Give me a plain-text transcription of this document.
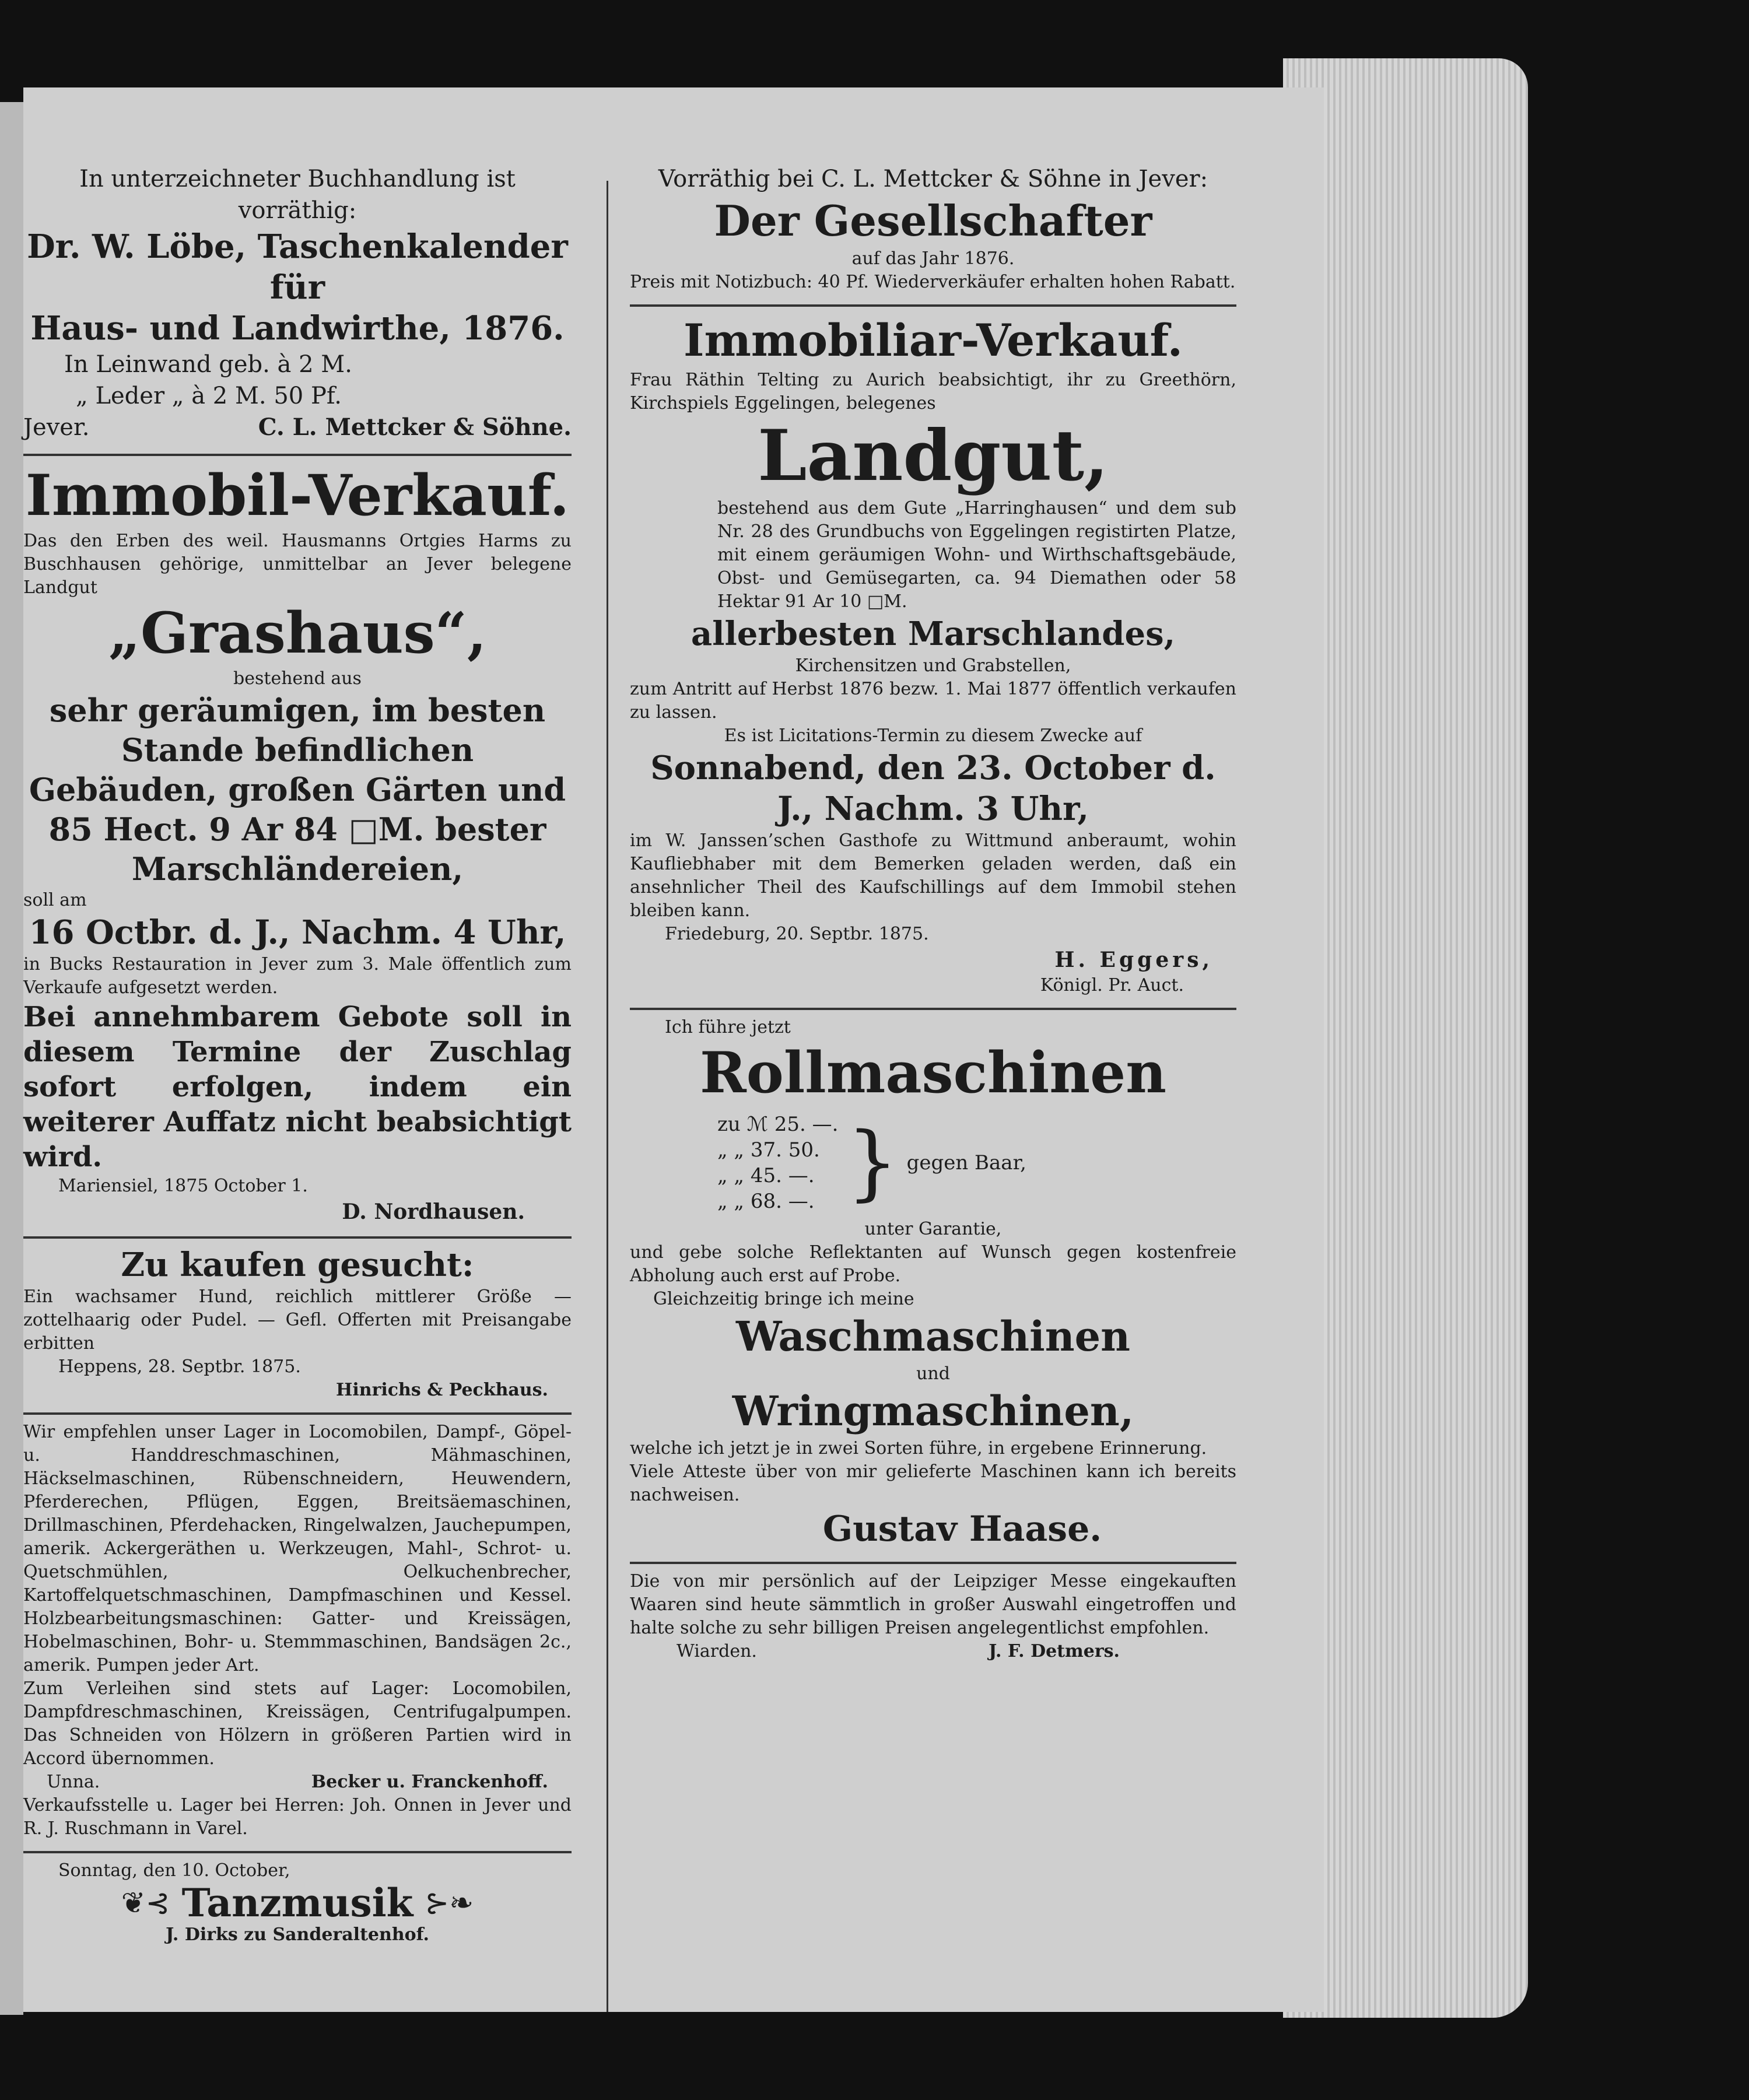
In unterzeichneter Buchhandlung ist vorräthig:

Dr. W. Löbe, Taschenkalender für

Haus- und Landwirthe, 1876.

In Leinwand geb. à 2 M.

„ Leder „ à 2 M. 50 Pf.

Jever.	C. L. Mettcker & Söhne.

Immobil-Verkauf.

Das den Erben des weil. Hausmanns Ortgies Harms zu Buschhausen gehörige, unmittelbar an Jever belegene Landgut

„Grashaus“,

bestehend aus

sehr geräumigen, im besten Stande befindlichen Gebäuden, großen Gärten und 85 Hect. 9 Ar 84 □M. bester Marschländereien,

soll am

16 Octbr. d. J., Nachm. 4 Uhr,

in Bucks Restauration in Jever zum 3. Male öffentlich zum Verkaufe aufgesetzt werden.

Bei annehmbarem Gebote soll in diesem Termine der Zuschlag sofort erfolgen, indem ein weiterer Auffatz nicht beabsichtigt wird.

Mariensiel, 1875 October 1.

D. Nordhausen.

Zu kaufen gesucht:

Ein wachsamer Hund, reichlich mittlerer Größe — zottelhaarig oder Pudel. — Gefl. Offerten mit Preisangabe erbitten

Heppens, 28. Septbr. 1875.

Hinrichs & Peckhaus.

Wir empfehlen unser Lager in Locomobilen, Dampf-, Göpel- u. Handdreschmaschinen, Mähmaschinen, Häckselmaschinen, Rübenschneidern, Heuwendern, Pferderechen, Pflügen, Eggen, Breitsäemaschinen, Drillmaschinen, Pferdehacken, Ringelwalzen, Jauchepumpen, amerik. Ackergeräthen u. Werkzeugen, Mahl-, Schrot- u. Quetschmühlen, Oelkuchenbrecher, Kartoffelquetschmaschinen, Dampfmaschinen und Kessel. Holzbearbeitungsmaschinen: Gatter- und Kreissägen, Hobelmaschinen, Bohr- u. Stemmmaschinen, Bandsägen 2c., amerik. Pumpen jeder Art.

Zum Verleihen sind stets auf Lager: Locomobilen, Dampfdreschmaschinen, Kreissägen, Centrifugalpumpen. Das Schneiden von Hölzern in größeren Partien wird in Accord übernommen.

Unna.	Becker u. Franckenhoff.

Verkaufsstelle u. Lager bei Herren: Joh. Onnen in Jever und R. J. Ruschmann in Varel.

Sonntag, den 10. October,

❦⊰ Tanzmusik ⊱❧

J. Dirks zu Sanderaltenhof.

Vorräthig bei C. L. Mettcker & Söhne in Jever:

Der Gesellschafter

auf das Jahr 1876.

Preis mit Notizbuch: 40 Pf. Wiederverkäufer erhalten hohen Rabatt.

Immobiliar-Verkauf.

Frau Räthin Telting zu Aurich beabsichtigt, ihr zu Greethörn, Kirchspiels Eggelingen, belegenes

Landgut,

bestehend aus dem Gute „Harringhausen“ und dem sub Nr. 28 des Grundbuchs von Eggelingen registirten Platze, mit einem geräumigen Wohn- und Wirthschaftsgebäude, Obst- und Gemüsegarten, ca. 94 Diemathen oder 58 Hektar 91 Ar 10 □M.

allerbesten Marschlandes,

Kirchensitzen und Grabstellen,

zum Antritt auf Herbst 1876 bezw. 1. Mai 1877 öffentlich verkaufen zu lassen.

Es ist Licitations-Termin zu diesem Zwecke auf

Sonnabend, den 23. October d. J., Nachm. 3 Uhr,

im W. Janssen’schen Gasthofe zu Wittmund anberaumt, wohin Kaufliebhaber mit dem Bemerken geladen werden, daß ein ansehnlicher Theil des Kaufschillings auf dem Immobil stehen bleiben kann.

Friedeburg, 20. Septbr. 1875.

H. Eggers,

Königl. Pr. Auct.

Ich führe jetzt

Rollmaschinen

zu ℳ 25. —.

„ „ 37. 50.

„ „ 45. —.

„ „ 68. —. } gegen Baar,

unter Garantie,

und gebe solche Reflektanten auf Wunsch gegen kostenfreie Abholung auch erst auf Probe.

Gleichzeitig bringe ich meine

Waschmaschinen

und

Wringmaschinen,

welche ich jetzt je in zwei Sorten führe, in ergebene Erinnerung.

Viele Atteste über von mir gelieferte Maschinen kann ich bereits nachweisen.

Gustav Haase.

Die von mir persönlich auf der Leipziger Messe eingekauften Waaren sind heute sämmtlich in großer Auswahl eingetroffen und halte solche zu sehr billigen Preisen angelegentlichst empfohlen.

Wiarden.	J. F. Detmers.
